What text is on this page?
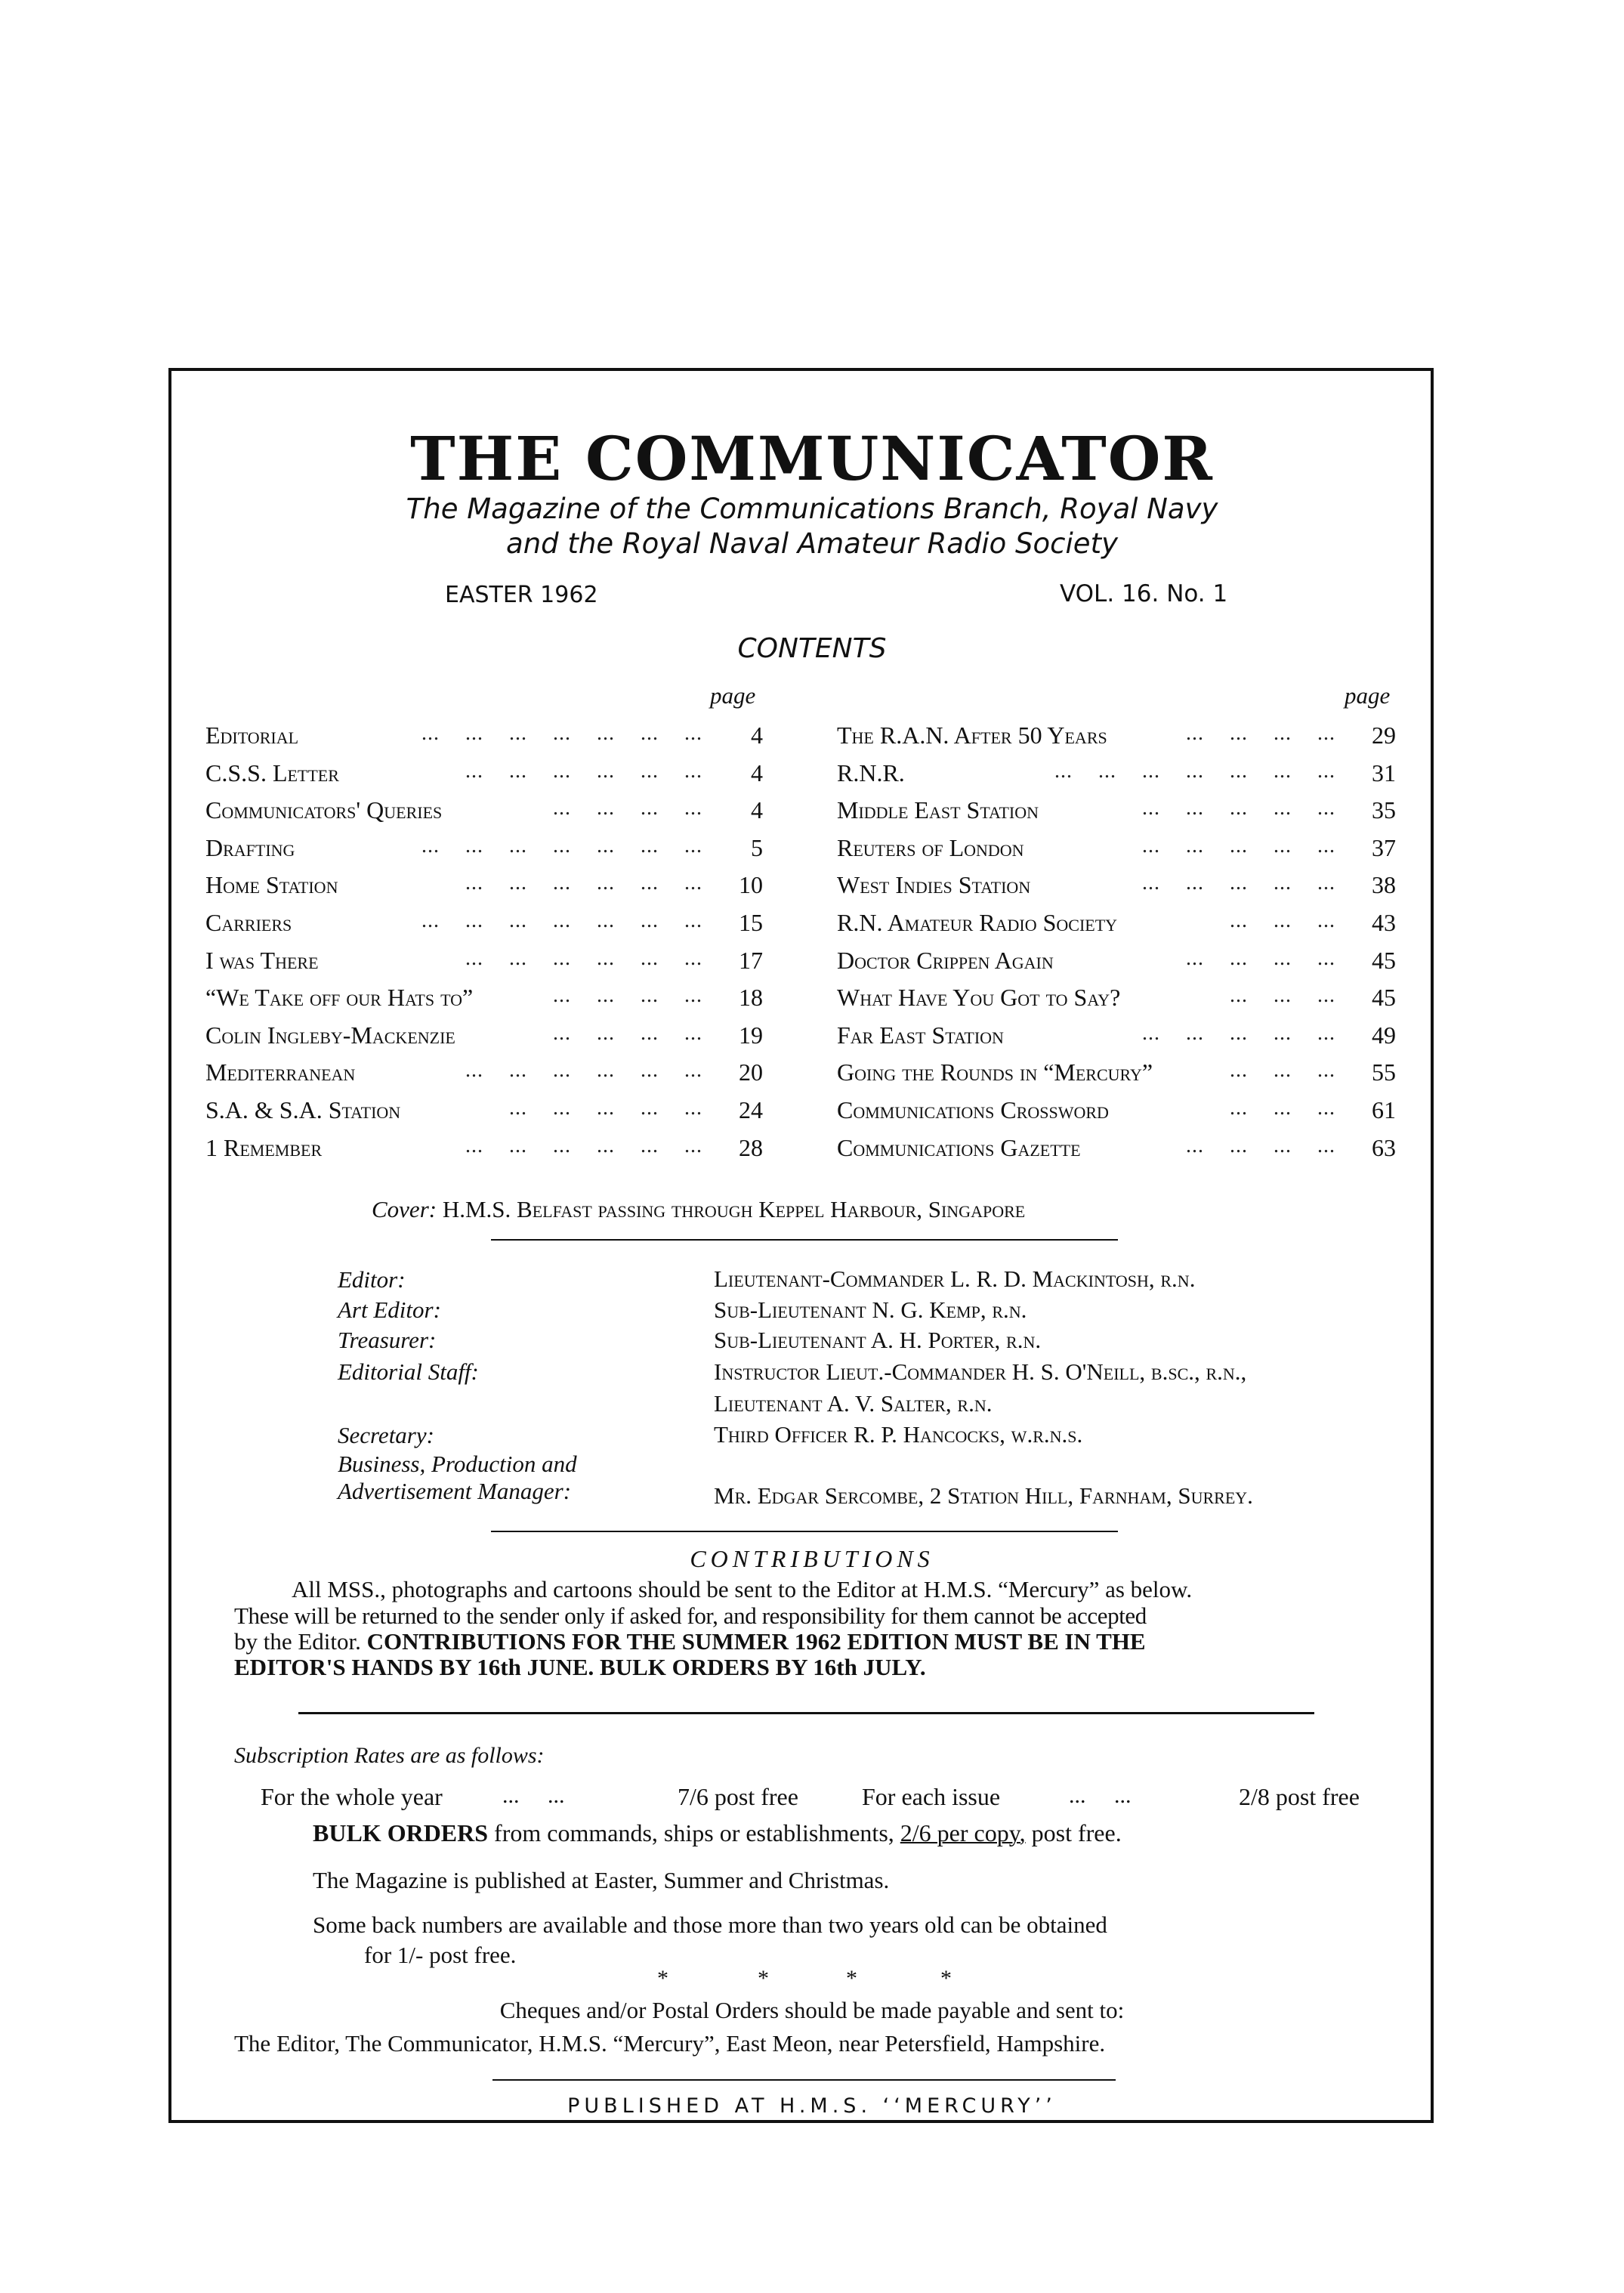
THE COMMUNICATOR
The Magazine of the Communications Branch, Royal Navy
and the Royal Naval Amateur Radio Society
EASTER 1962	VOL. 16. No. 1
CONTENTS
page	page
Editorial	... ... ... ... ... ... ...	4
C.S.S. Letter	... ... ... ... ... ...	4
Communicators' Queries	... ... ... ...	4
Drafting	... ... ... ... ... ... ...	5
Home Station	... ... ... ... ... ...	10
Carriers	... ... ... ... ... ... ...	15
I was There	... ... ... ... ... ...	17
“We Take off our Hats to”	... ... ... ...	18
Colin Ingleby-Mackenzie	... ... ... ...	19
Mediterranean	... ... ... ... ... ...	20
S.A. & S.A. Station	... ... ... ... ...	24
1 Remember	... ... ... ... ... ...	28
The R.A.N. After 50 Years	... ... ... ...	29
R.N.R.	... ... ... ... ... ... ...	31
Middle East Station	... ... ... ... ...	35
Reuters of London	... ... ... ... ...	37
West Indies Station	... ... ... ... ...	38
R.N. Amateur Radio Society	... ... ...	43
Doctor Crippen Again	... ... ... ...	45
What Have You Got to Say?	... ... ...	45
Far East Station	... ... ... ... ...	49
Going the Rounds in “Mercury”	... ... ...	55
Communications Crossword	... ... ...	61
Communications Gazette	... ... ... ...	63
Cover: H.M.S. Belfast passing through Keppel Harbour, Singapore
Editor:	Lieutenant-Commander L. R. D. Mackintosh, r.n.
Art Editor:	Sub-Lieutenant N. G. Kemp, r.n.
Treasurer:	Sub-Lieutenant A. H. Porter, r.n.
Editorial Staff:	Instructor Lieut.-Commander H. S. O'Neill, b.sc., r.n.,
Lieutenant A. V. Salter, r.n.
Secretary:	Third Officer R. P. Hancocks, w.r.n.s.
Business, Production and
Advertisement Manager:	Mr. Edgar Sercombe, 2 Station Hill, Farnham, Surrey.
CONTRIBUTIONS
All MSS., photographs and cartoons should be sent to the Editor at H.M.S. “Mercury” as below.
These will be returned to the sender only if asked for, and responsibility for them cannot be accepted
by the Editor. CONTRIBUTIONS FOR THE SUMMER 1962 EDITION MUST BE IN THE
EDITOR'S HANDS BY 16th JUNE. BULK ORDERS BY 16th JULY.
Subscription Rates are as follows:
For the whole year	...     ...	7/6 post free	For each issue	...     ...	2/8 post free
BULK ORDERS from commands, ships or establishments, 2/6 per copy, post free.
The Magazine is published at Easter, Summer and Christmas.
Some back numbers are available and those more than two years old can be obtained
for 1/- post free.
*	*	*	*
Cheques and/or Postal Orders should be made payable and sent to:
The Editor, The Communicator, H.M.S. “Mercury”, East Meon, near Petersfield, Hampshire.
PUBLISHED AT H.M.S. ‘‘MERCURY’’
